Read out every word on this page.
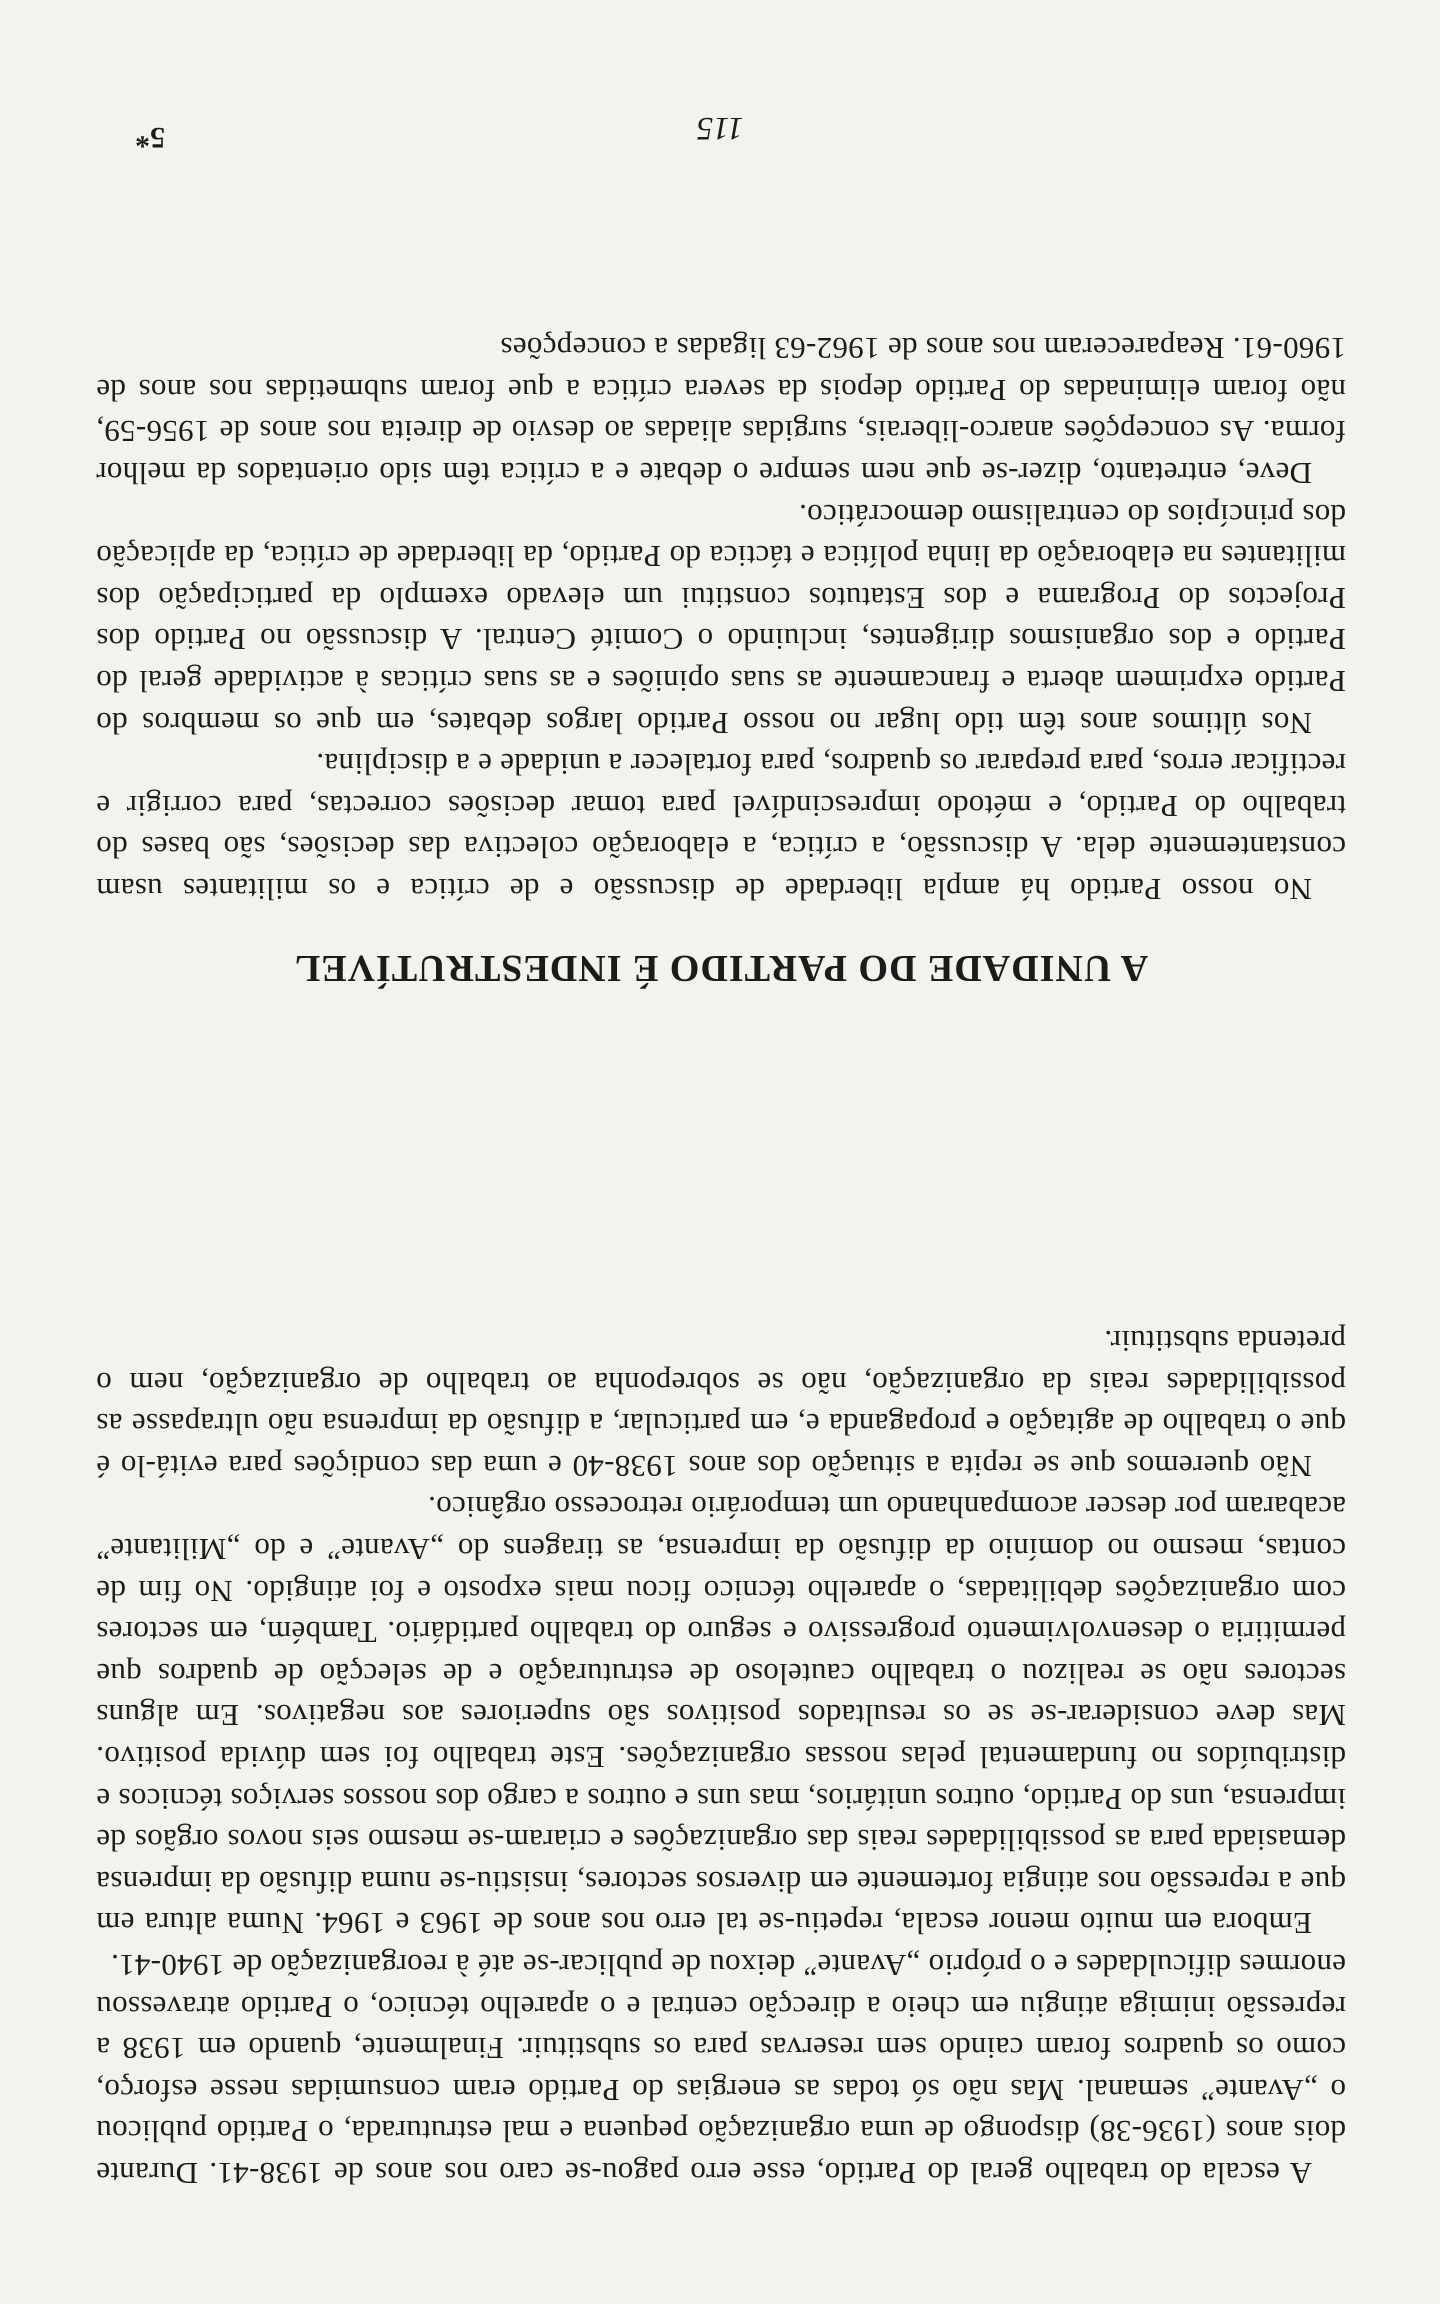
A escala do trabalho geral do Partido, esse erro pagou-se caro nos anos de 1938-41. Durante dois anos (1936-38) dispongo de uma organização pequena e mal estruturada, o Partido publicou o „Avante” semanal. Mas não só todas as energias do Partido eram consumidas nesse esforço, como os quadros foram caindo sem reservas para os substituir. Finalmente, quando em 1938 a repressão inimiga atingiu em cheio a direcção central e o aparelho técnico, o Partido atravessou enormes dificuldades e o próprio „Avante” deixou de publicar-se até à reorganização de 1940-41.

Embora em muito menor escala, repetiu-se tal erro nos anos de 1963 e 1964. Numa altura em que a repressão nos atingia fortemente em diversos sectores, insistiu-se numa difusão da imprensa demasiada para as possibilidades reais das organizações e criaram-se mesmo seis novos orgãos de imprensa, uns do Partido, outros unitários, mas uns e outros a cargo dos nossos serviços técnicos e distribuídos no fundamental pelas nossas organizações. Este trabalho foi sem dúvida positivo. Mas deve considerar-se se os resultados positivos são superiores aos negativos. Em alguns sectores não se realizou o trabalho cauteloso de estruturação e de selecção de quadros que permitiria o desenvolvimento progressivo e seguro do trabalho partidário. Também, em sectores com organizações debilitadas, o aparelho técnico ficou mais exposto e foi atingido. No fim de contas, mesmo no domínio da difusão da imprensa, as tiragens do „Avante” e do „Militante” acabaram por descer acompanhando um temporário retrocesso orgânico.

Não queremos que se repita a situação dos anos 1938-40 e uma das condições para evitá-lo é que o trabalho de agitação e propaganda e, em particular, a difusão da imprensa não ultrapasse as possibilidades reais da organização, não se sobreponha ao trabalho de organização, nem o pretenda substituir.

A UNIDADE DO PARTIDO É INDESTRUTÍVEL

No nosso Partido há ampla liberdade de discussão e de crítica e os militantes usam constantemente dela. A discussão, a crítica, a elaboração colectiva das decisões, são bases do trabalho do Partido, e método imprescindível para tomar decisões correctas, para corrigir e rectificar erros, para preparar os quadros, para fortalecer a unidade e a disciplina.

Nos últimos anos têm tido lugar no nosso Partido largos debates, em que os membros do Partido exprimem aberta e francamente as suas opiniões e as suas críticas à actividade geral do Partido e dos organismos dirigentes, incluindo o Comité Central. A discussão no Partido dos Projectos do Programa e dos Estatutos constitui um elevado exemplo da participação dos militantes na elaboração da linha política e táctica do Partido, da liberdade de crítica, da aplicação dos princípios do centralismo democrático.

Deve, entretanto, dizer-se que nem sempre o debate e a crítica têm sido orientados da melhor forma. As concepções anarco-liberais, surgidas aliadas ao desvio de direita nos anos de 1956-59, não foram eliminadas do Partido depois da severa crítica a que foram submetidas nos anos de 1960-61. Reapareceram nos anos de 1962-63 ligadas a concepções

115
5*
